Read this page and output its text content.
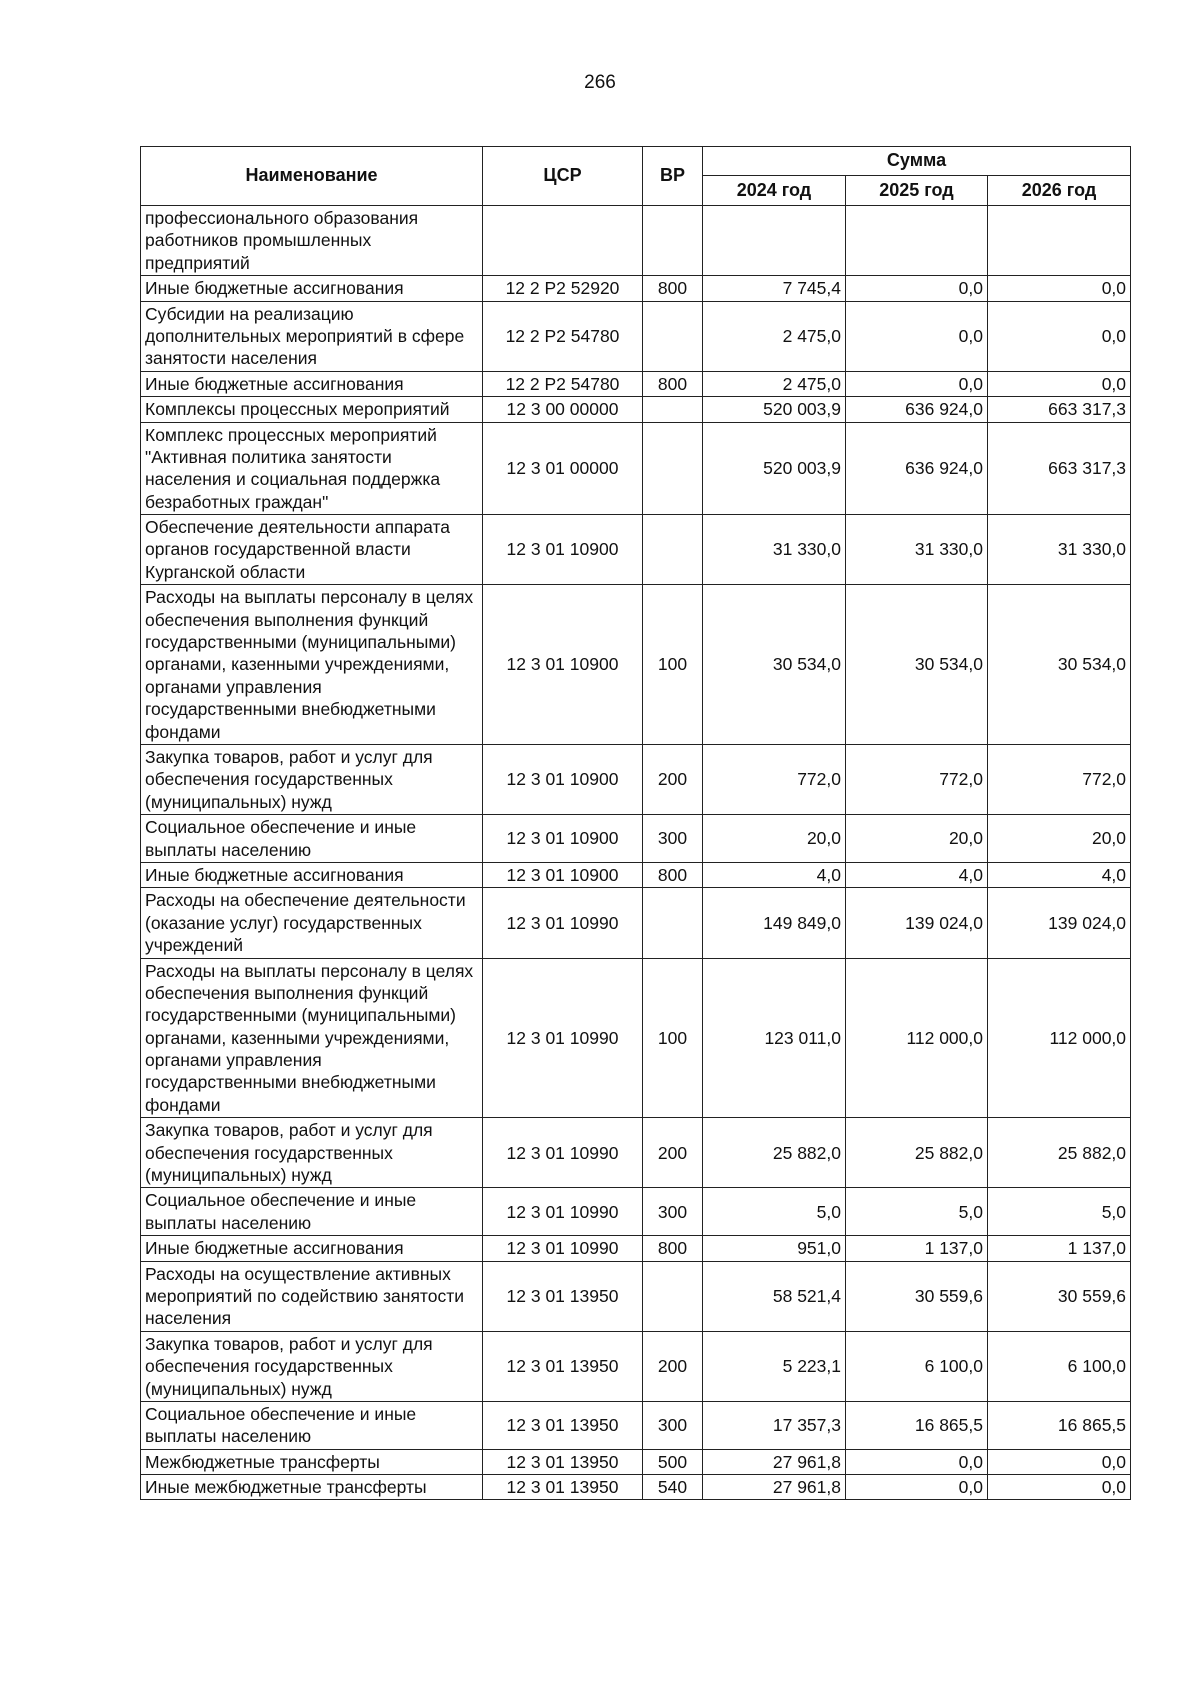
266
Наименование	ЦСР	ВР	Сумма		
			2024 год	2025 год	2026 год
профессионального образования работников промышленных предприятий					
Иные бюджетные ассигнования	12 2 Р2 52920	800	7 745,4	0,0	0,0
Субсидии на реализацию дополнительных мероприятий в сфере занятости населения	12 2 Р2 54780		2 475,0	0,0	0,0
Иные бюджетные ассигнования	12 2 Р2 54780	800	2 475,0	0,0	0,0
Комплексы процессных мероприятий	12 3 00 00000		520 003,9	636 924,0	663 317,3
Комплекс процессных мероприятий "Активная политика занятости населения и социальная поддержка безработных граждан"	12 3 01 00000		520 003,9	636 924,0	663 317,3
Обеспечение деятельности аппарата органов государственной власти Курганской области	12 3 01 10900		31 330,0	31 330,0	31 330,0
Расходы на выплаты персоналу в целях обеспечения выполнения функций государственными (муниципальными) органами, казенными учреждениями, органами управления государственными внебюджетными фондами	12 3 01 10900	100	30 534,0	30 534,0	30 534,0
Закупка товаров, работ и услуг для обеспечения государственных (муниципальных) нужд	12 3 01 10900	200	772,0	772,0	772,0
Социальное обеспечение и иные выплаты населению	12 3 01 10900	300	20,0	20,0	20,0
Иные бюджетные ассигнования	12 3 01 10900	800	4,0	4,0	4,0
Расходы на обеспечение деятельности (оказание услуг) государственных учреждений	12 3 01 10990		149 849,0	139 024,0	139 024,0
Расходы на выплаты персоналу в целях обеспечения выполнения функций государственными (муниципальными) органами, казенными учреждениями, органами управления государственными внебюджетными фондами	12 3 01 10990	100	123 011,0	112 000,0	112 000,0
Закупка товаров, работ и услуг для обеспечения государственных (муниципальных) нужд	12 3 01 10990	200	25 882,0	25 882,0	25 882,0
Социальное обеспечение и иные выплаты населению	12 3 01 10990	300	5,0	5,0	5,0
Иные бюджетные ассигнования	12 3 01 10990	800	951,0	1 137,0	1 137,0
Расходы на осуществление активных мероприятий по содействию занятости населения	12 3 01 13950		58 521,4	30 559,6	30 559,6
Закупка товаров, работ и услуг для обеспечения государственных (муниципальных) нужд	12 3 01 13950	200	5 223,1	6 100,0	6 100,0
Социальное обеспечение и иные выплаты населению	12 3 01 13950	300	17 357,3	16 865,5	16 865,5
Межбюджетные трансферты	12 3 01 13950	500	27 961,8	0,0	0,0
Иные межбюджетные трансферты	12 3 01 13950	540	27 961,8	0,0	0,0
